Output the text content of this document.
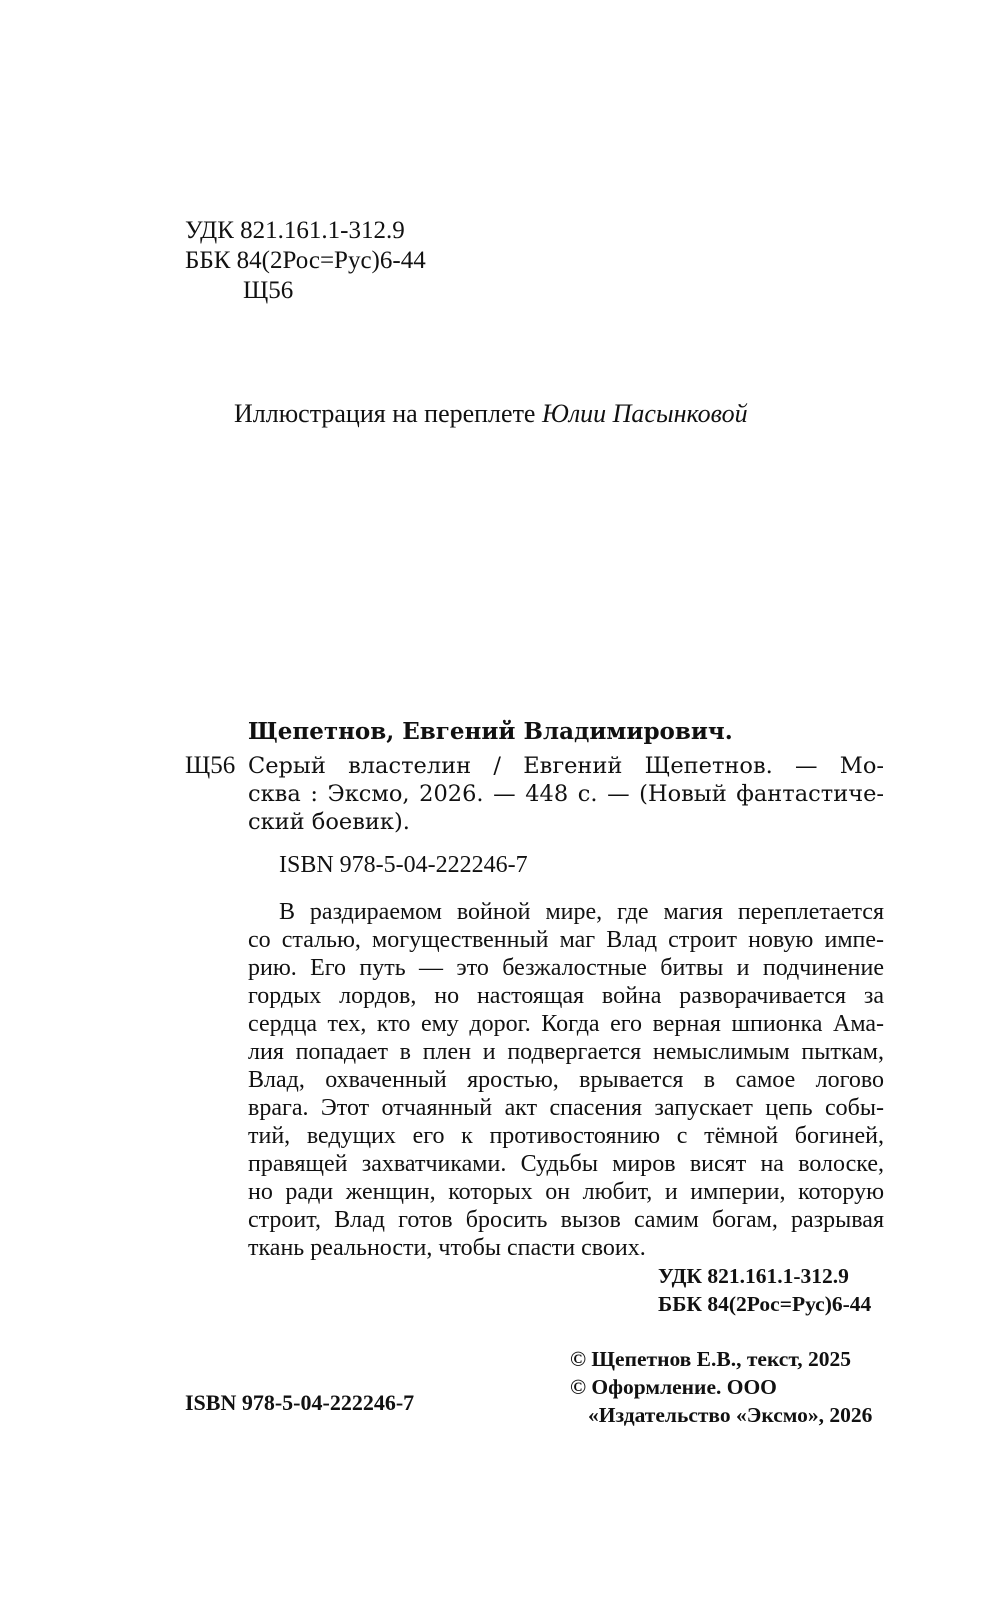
УДК 821.161.1-312.9
ББК 84(2Рос=Рус)6-44
Щ56
Иллюстрация на переплете Юлии Пасынковой
Щепетнов, Евгений Владимирович.
Щ56 Серый властелин / Евгений Щепетнов. — Мо-
сква : Эксмо, 2026. — 448 с. — (Новый фантастиче-
ский боевик).
ISBN 978-5-04-222246-7
В раздираемом войной мире, где магия переплетается
со сталью, могущественный маг Влад строит новую импе-
рию. Его путь — это безжалостные битвы и подчинение
гордых лордов, но настоящая война разворачивается за
сердца тех, кто ему дорог. Когда его верная шпионка Ама-
лия попадает в плен и подвергается немыслимым пыткам,
Влад, охваченный яростью, врывается в самое логово
врага. Этот отчаянный акт спасения запускает цепь собы-
тий, ведущих его к противостоянию с тёмной богиней,
правящей захватчиками. Судьбы миров висят на волоске,
но ради женщин, которых он любит, и империи, которую
строит, Влад готов бросить вызов самим богам, разрывая
ткань реальности, чтобы спасти своих.
УДК 821.161.1-312.9
ББК 84(2Рос=Рус)6-44
© Щепетнов Е.В., текст, 2025
© Оформление. ООО
«Издательство «Эксмо», 2026
ISBN 978-5-04-222246-7
